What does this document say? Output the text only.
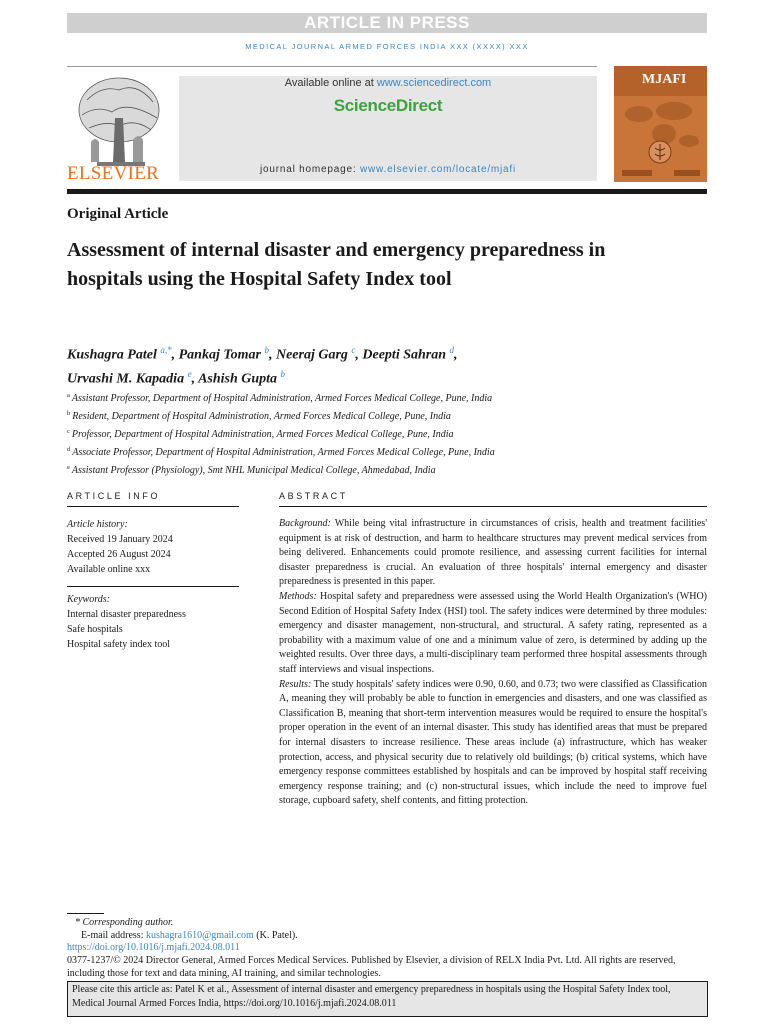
ARTICLE IN PRESS
MEDICAL JOURNAL ARMED FORCES INDIA XXX (XXXX) XXX
ELSEVIER
Available online at www.sciencedirect.com
ScienceDirect
journal homepage: www.elsevier.com/locate/mjafi
MJAFI
Original Article
Assessment of internal disaster and emergency preparedness in hospitals using the Hospital Safety Index tool
Kushagra Patel $^{a,*}$, Pankaj Tomar $^b$, Neeraj Garg $^c$, Deepti Sahran $^d$,
Urvashi M. Kapadia $^e$, Ashish Gupta $^b$
$^a$ Assistant Professor, Department of Hospital Administration, Armed Forces Medical College, Pune, India
$^b$ Resident, Department of Hospital Administration, Armed Forces Medical College, Pune, India
$^c$ Professor, Department of Hospital Administration, Armed Forces Medical College, Pune, India
$^d$ Associate Professor, Department of Hospital Administration, Armed Forces Medical College, Pune, India
$^e$ Assistant Professor (Physiology), Smt NHL Municipal Medical College, Ahmedabad, India
ARTICLE INFO
Article history:
Received 19 January 2024
Accepted 26 August 2024
Available online xxx
Keywords:
Internal disaster preparedness
Safe hospitals
Hospital safety index tool
ABSTRACT

Background: While being vital infrastructure in circumstances of crisis, health and treatment facilities' equipment is at risk of destruction, and harm to healthcare structures may prevent medical services from being delivered. Enhancements could promote resilience, and assessing current facilities for internal disaster preparedness is crucial. An evaluation of three hospitals' internal emergency and disaster preparedness is presented in this paper.

Methods: Hospital safety and preparedness were assessed using the World Health Organization's (WHO) Second Edition of Hospital Safety Index (HSI) tool. The safety indices were determined by three modules: emergency and disaster management, non-structural, and structural. A safety rating, represented as a probability with a maximum value of one and a minimum value of zero, is determined by adding up the weighted results. Over three days, a multi-disciplinary team performed three hospital assessments through staff interviews and visual inspections.

Results: The study hospitals' safety indices were 0.90, 0.60, and 0.73; two were classified as Classification A, meaning they will probably be able to function in emergencies and disasters, and one was classified as Classification B, meaning that short-term intervention measures would be required to ensure the hospital's proper operation in the event of an internal disaster. This study has identified areas that must be prepared for internal disasters to increase resilience. These areas include (a) infrastructure, which has weaker protection, access, and physical security due to relatively old buildings; (b) critical systems, which have emergency response committees established by hospitals and can be improved by hospital staff receiving emergency response training; and (c) non-structural issues, which include the need to improve fuel storage, cupboard safety, shelf contents, and fitting protection.

* Corresponding author.
E-mail address: kushagra1610@gmail.com (K. Patel).
https://doi.org/10.1016/j.mjafi.2024.08.011
0377-1237/© 2024 Director General, Armed Forces Medical Services. Published by Elsevier, a division of RELX India Pvt. Ltd. All rights are reserved, including those for text and data mining, AI training, and similar technologies.
Please cite this article as: Patel K et al., Assessment of internal disaster and emergency preparedness in hospitals using the Hospital Safety Index tool, Medical Journal Armed Forces India, https://doi.org/10.1016/j.mjafi.2024.08.011
